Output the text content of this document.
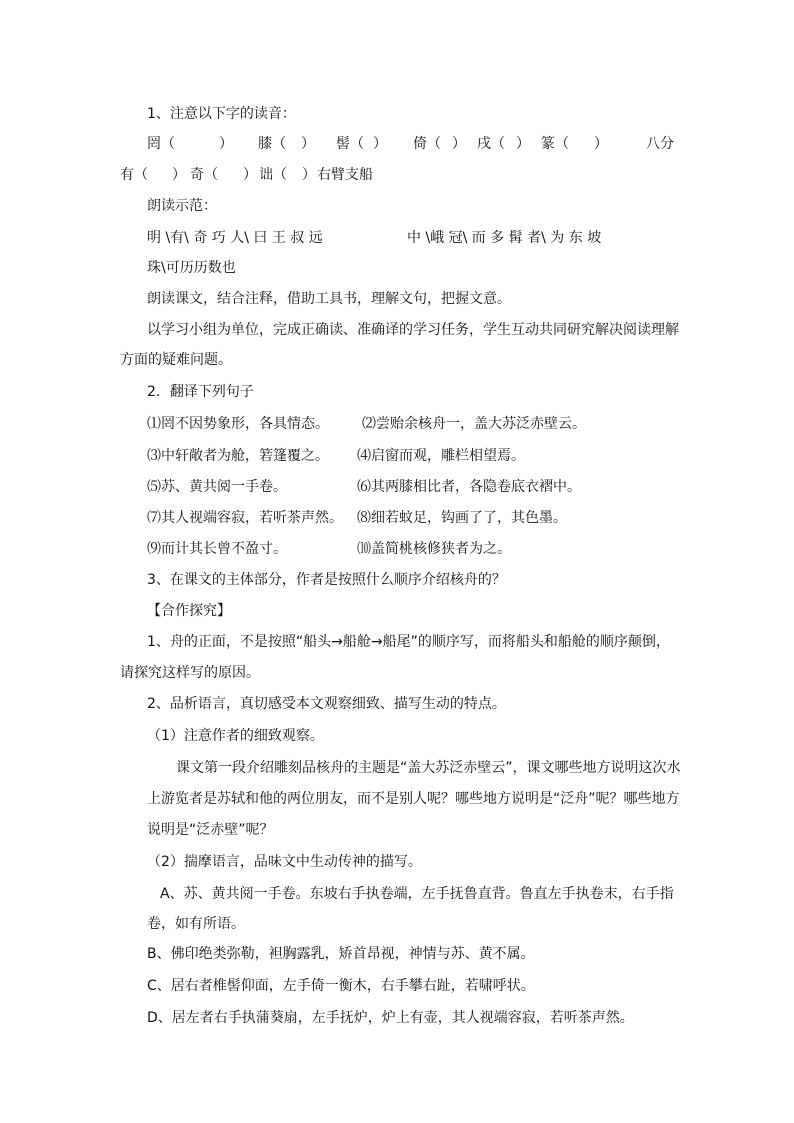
1、注意以下字的读音：
罔（	） 膝（ ） 髻（ ） 倚（ ） 戌（ ） 篆（ ）	八分
有（ ） 奇（ ） 诎（ ） 右臂支船
朗读示范：
明 \有\ 奇 巧 人\ 曰 王 叔 远	中 \峨 冠\ 而 多 髯 者\ 为 东 坡
珠\可历历数也
朗读课文，结合注释，借助工具书，理解文句，把握文意。
以学习小组为单位，完成正确读、准确译的学习任务，学生互动共同研究解决阅读理解
方面的疑难问题。
2．翻译下列句子
⑴罔不因势象形，各具情态。 ⑵尝贻余核舟一，盖大苏泛赤壁云。
⑶中轩敞者为舱，箬篷覆之。 ⑷启窗而观，雕栏相望焉。
⑸苏、黄共阅一手卷。	⑹其两膝相比者，各隐卷底衣褶中。
⑺其人视端容寂，若听茶声然。 ⑻细若蚊足，钩画了了，其色墨。
⑼而计其长曾不盈寸。	⑽盖简桃核修狭者为之。
3、在课文的主体部分，作者是按照什么顺序介绍核舟的？
【合作探究】
1、舟的正面，不是按照“船头→船舱→船尾”的顺序写，而将船头和船舱的顺序颠倒，
请探究这样写的原因。
2、品析语言，真切感受本文观察细致、描写生动的特点。
（1）注意作者的细致观察。
课文第一段介绍雕刻品核舟的主题是“盖大苏泛赤壁云”，课文哪些地方说明这次水
上游览者是苏轼和他的两位朋友，而不是别人呢？哪些地方说明是“泛舟”呢？哪些地方
说明是“泛赤壁”呢？
（2）揣摩语言，品味文中生动传神的描写。
A、苏、黄共阅一手卷。东坡右手执卷端，左手抚鲁直背。鲁直左手执卷末，右手指
卷，如有所语。
B、佛印绝类弥勒，袒胸露乳，矫首昂视，神情与苏、黄不属。
C、居右者椎髻仰面，左手倚一衡木，右手攀右趾，若啸呼状。
D、居左者右手执蒲葵扇，左手抚炉，炉上有壶，其人视端容寂，若听茶声然。
